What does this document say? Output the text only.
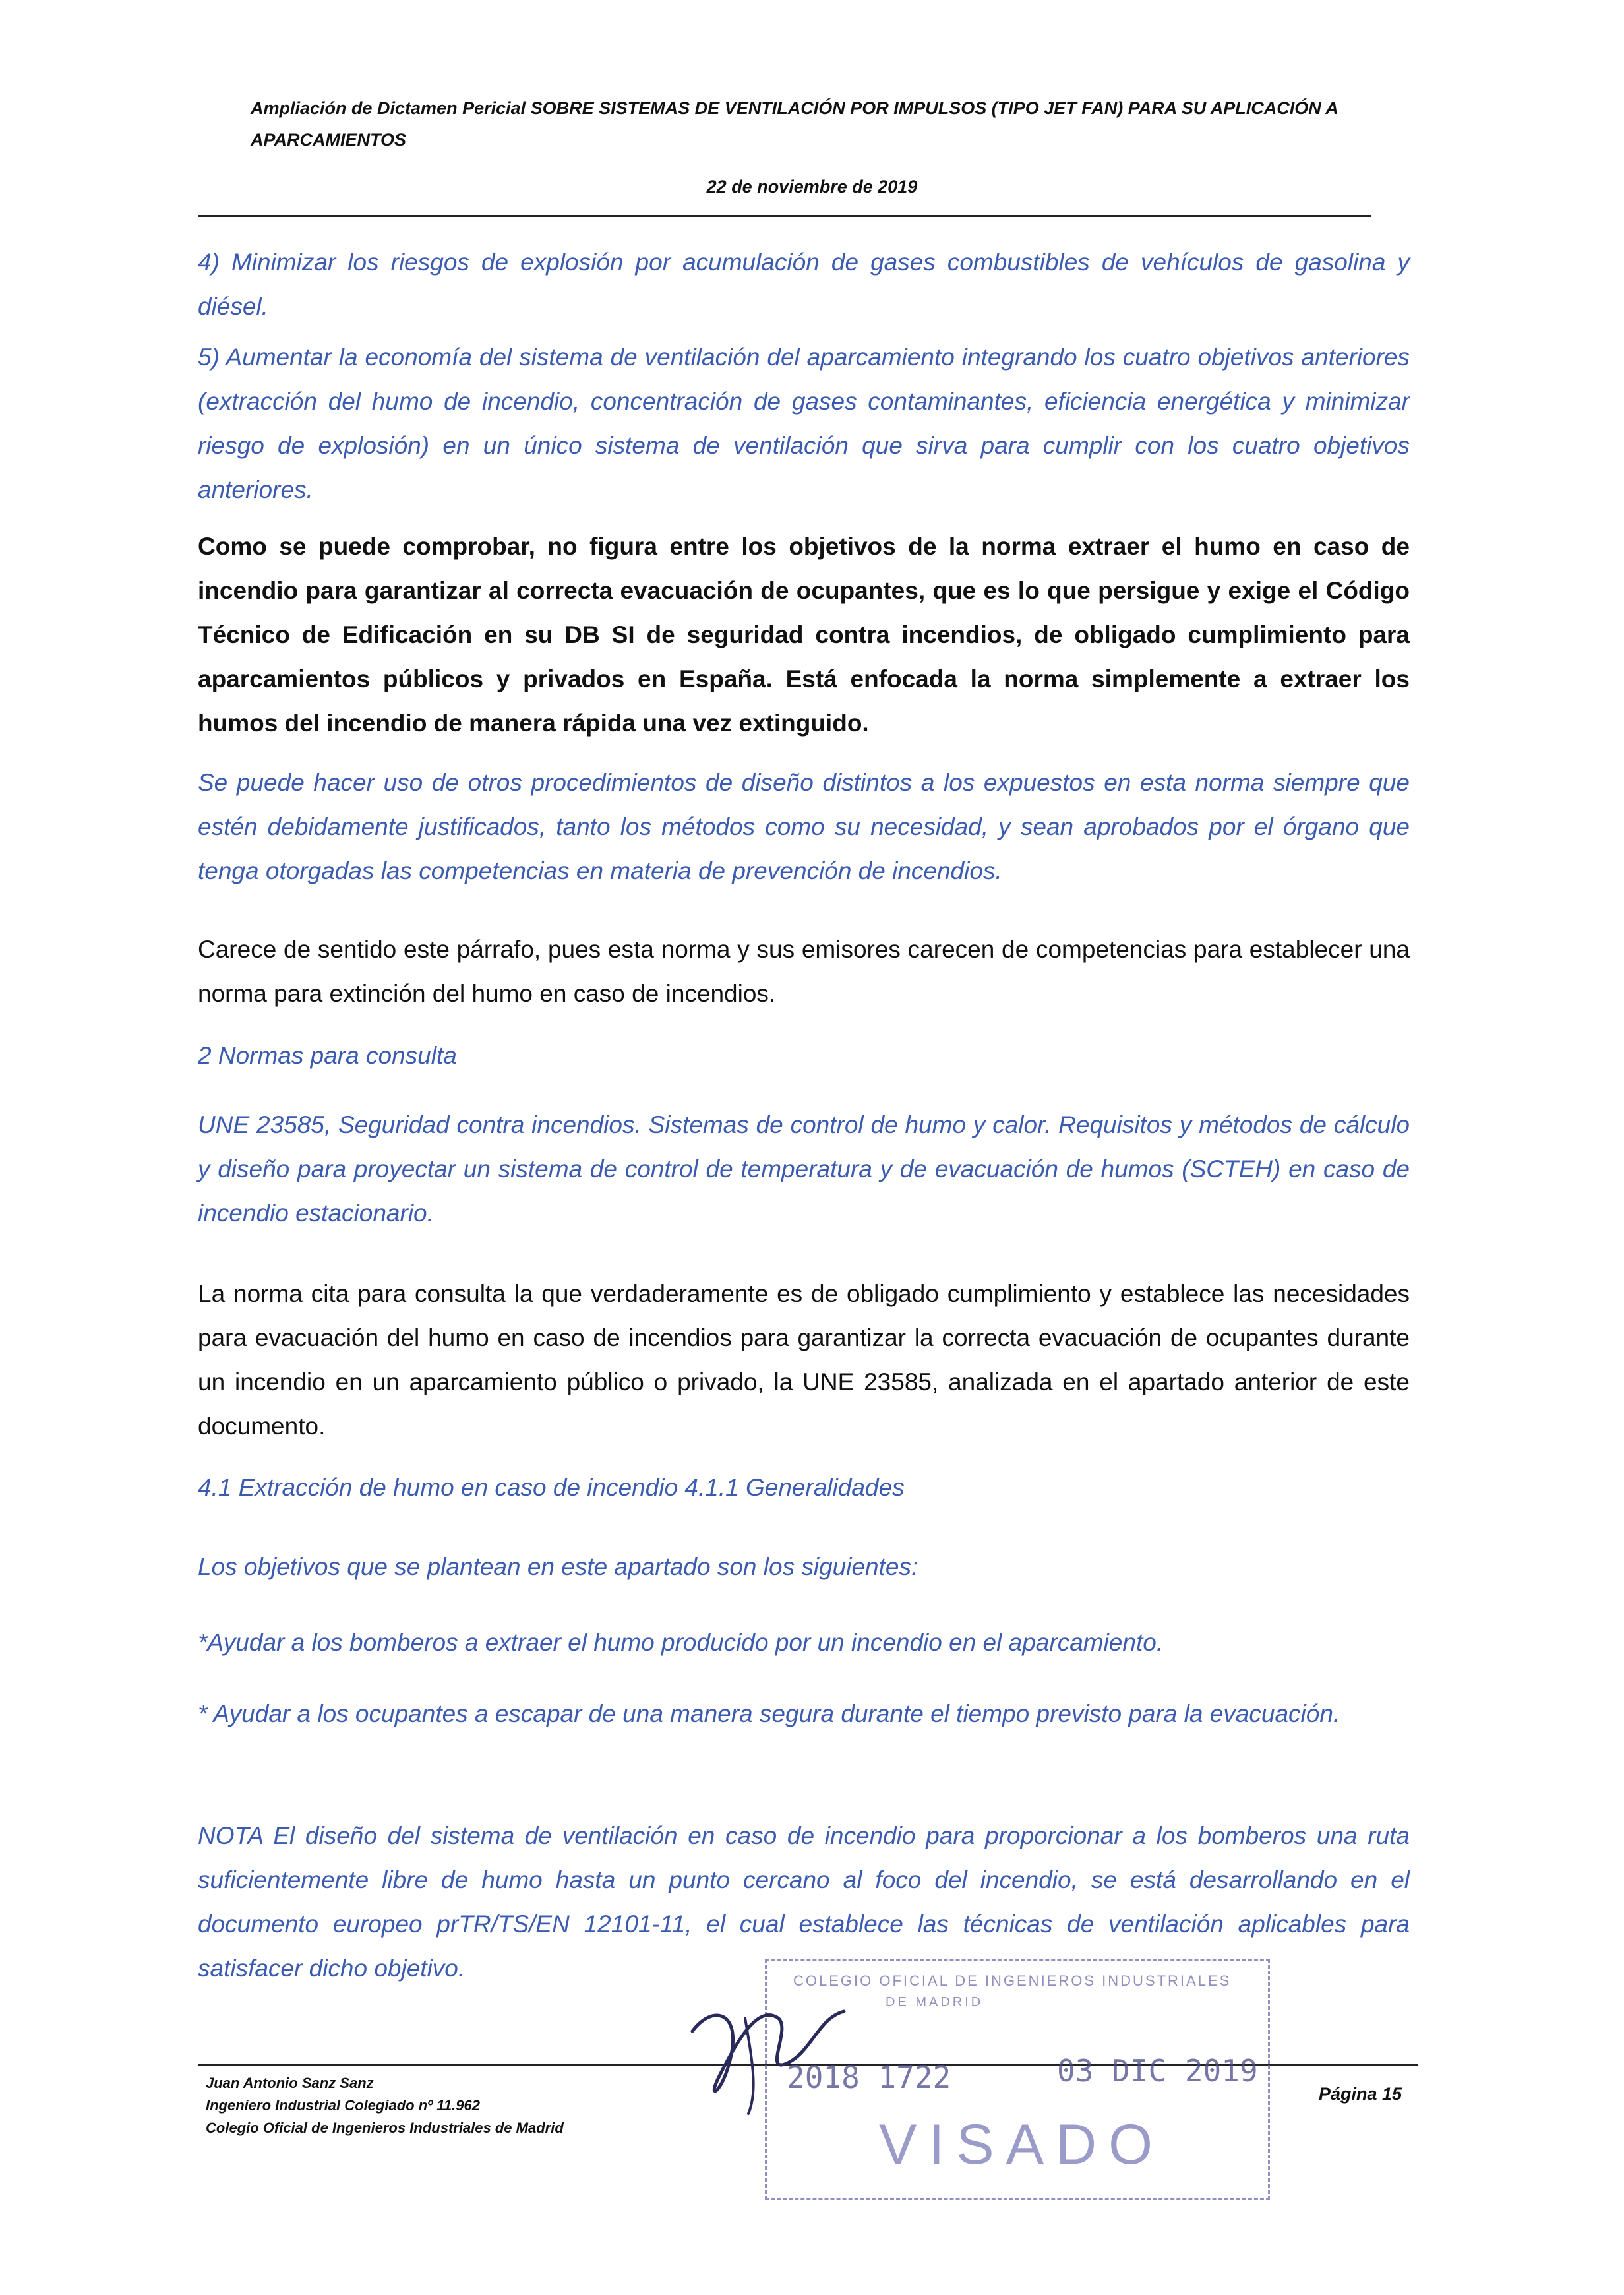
Ampliación de Dictamen Pericial SOBRE SISTEMAS DE VENTILACIÓN POR IMPULSOS (TIPO JET FAN) PARA SU APLICACIÓN A APARCAMIENTOS
22 de noviembre de 2019
4) Minimizar los riesgos de explosión por acumulación de gases combustibles de vehículos de gasolina y diésel.
5) Aumentar la economía del sistema de ventilación del aparcamiento integrando los cuatro objetivos anteriores (extracción del humo de incendio, concentración de gases contaminantes, eficiencia energética y minimizar riesgo de explosión) en un único sistema de ventilación que sirva para cumplir con los cuatro objetivos anteriores.
Como se puede comprobar, no figura entre los objetivos de la norma extraer el humo en caso de incendio para garantizar al correcta evacuación de ocupantes, que es lo que persigue y exige el Código Técnico de Edificación en su DB SI de seguridad contra incendios, de obligado cumplimiento para aparcamientos públicos y privados en España. Está enfocada la norma simplemente a extraer los humos del incendio de manera rápida una vez extinguido.
Se puede hacer uso de otros procedimientos de diseño distintos a los expuestos en esta norma siempre que estén debidamente justificados, tanto los métodos como su necesidad, y sean aprobados por el órgano que tenga otorgadas las competencias en materia de prevención de incendios.
Carece de sentido este párrafo, pues esta norma y sus emisores carecen de competencias para establecer una norma para extinción del humo en caso de incendios.
2 Normas para consulta
UNE 23585, Seguridad contra incendios. Sistemas de control de humo y calor. Requisitos y métodos de cálculo y diseño para proyectar un sistema de control de temperatura y de evacuación de humos (SCTEH) en caso de incendio estacionario.
La norma cita para consulta la que verdaderamente es de obligado cumplimiento y establece las necesidades para evacuación del humo en caso de incendios para garantizar la correcta evacuación de ocupantes durante un incendio en un aparcamiento público o privado, la UNE 23585, analizada en el apartado anterior de este documento.
4.1 Extracción de humo en caso de incendio 4.1.1 Generalidades
Los objetivos que se plantean en este apartado son los siguientes:
*Ayudar a los bomberos a extraer el humo producido por un incendio en el aparcamiento.
* Ayudar a los ocupantes a escapar de una manera segura durante el tiempo previsto para la evacuación.
NOTA El diseño del sistema de ventilación en caso de incendio para proporcionar a los bomberos una ruta suficientemente libre de humo hasta un punto cercano al foco del incendio, se está desarrollando en el documento europeo prTR/TS/EN 12101-11, el cual establece las técnicas de ventilación aplicables para satisfacer dicho objetivo.
Juan Antonio Sanz Sanz
Ingeniero Industrial Colegiado nº 11.962
Colegio Oficial de Ingenieros Industriales de Madrid
Página 15
COLEGIO OFICIAL DE INGENIEROS INDUSTRIALES
DE MADRID
2018 1722	03 DIC 2019
VISADO
